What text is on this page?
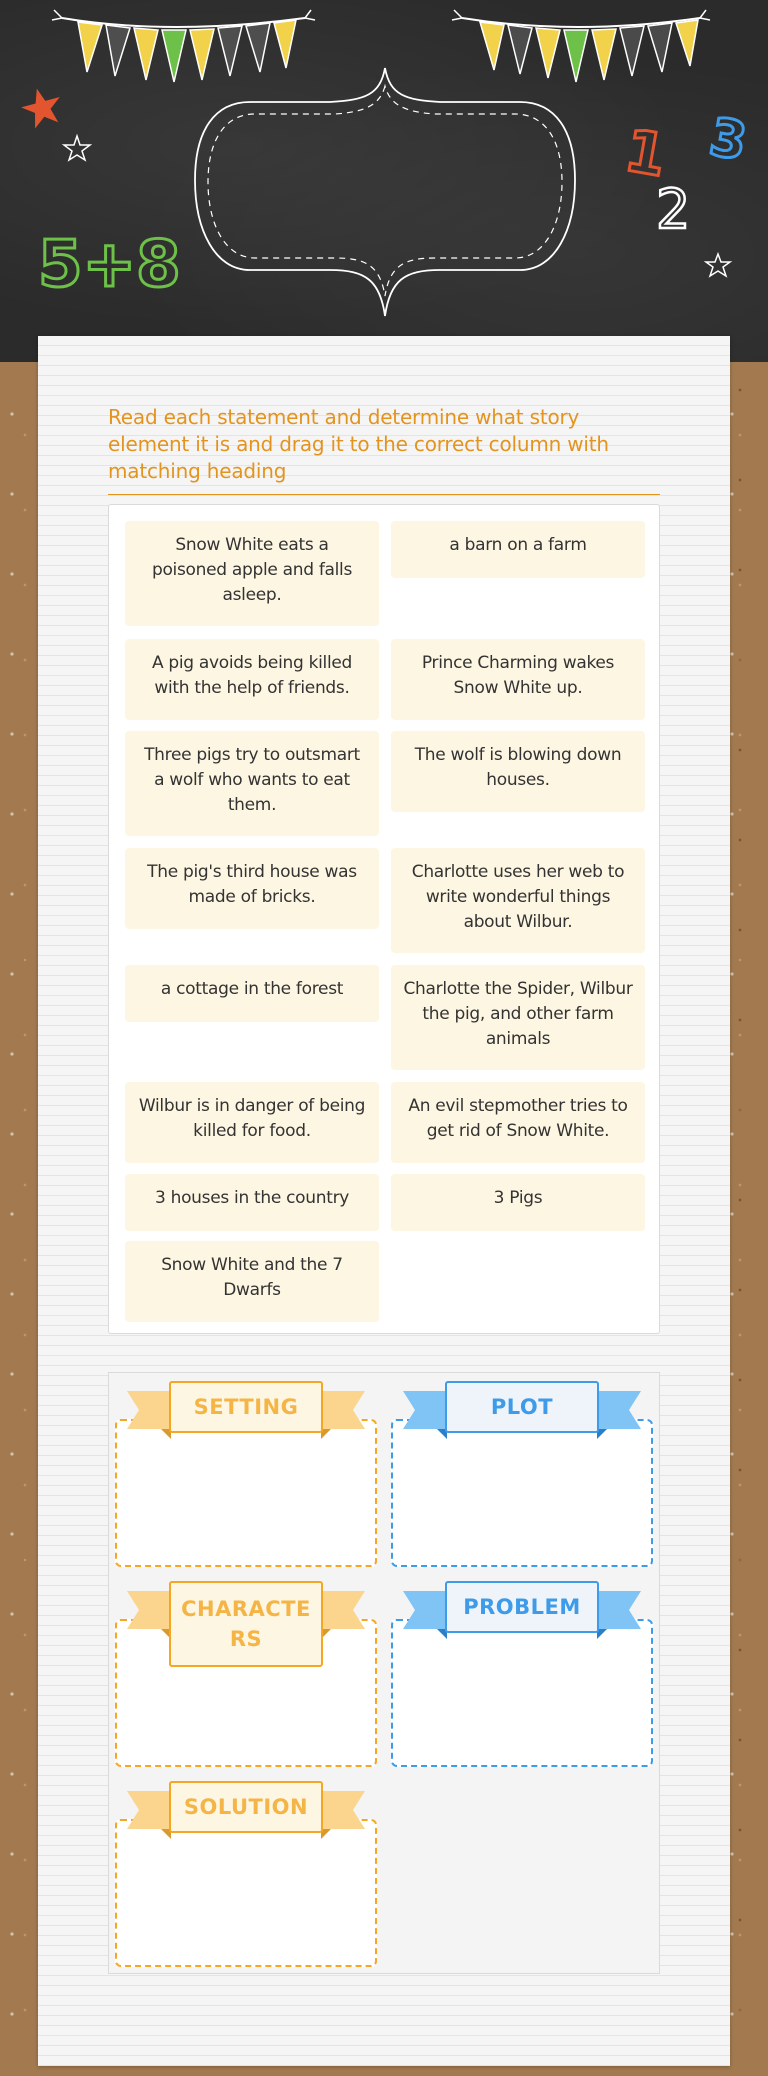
5+8
1
2
3
Read each statement and determine what story element it is and drag it to the correct column with matching heading
Snow White eats a poisoned apple and falls asleep.
a barn on a farm
A pig avoids being killed with the help of friends.
Prince Charming wakes Snow White up.
Three pigs try to outsmart a wolf who wants to eat them.
The wolf is blowing down houses.
The pig's third house was made of bricks.
Charlotte uses her web to write wonderful things about Wilbur.
a cottage in the forest	Charlotte the Spider, Wilbur the pig, and other farm animals
Wilbur is in danger of being killed for food.
An evil stepmother tries to get rid of Snow White.
3 houses in the country	3 Pigs
Snow White and the 7 Dwarfs
SETTING	PLOT
CHARACTE
RS
PROBLEM
SOLUTION
